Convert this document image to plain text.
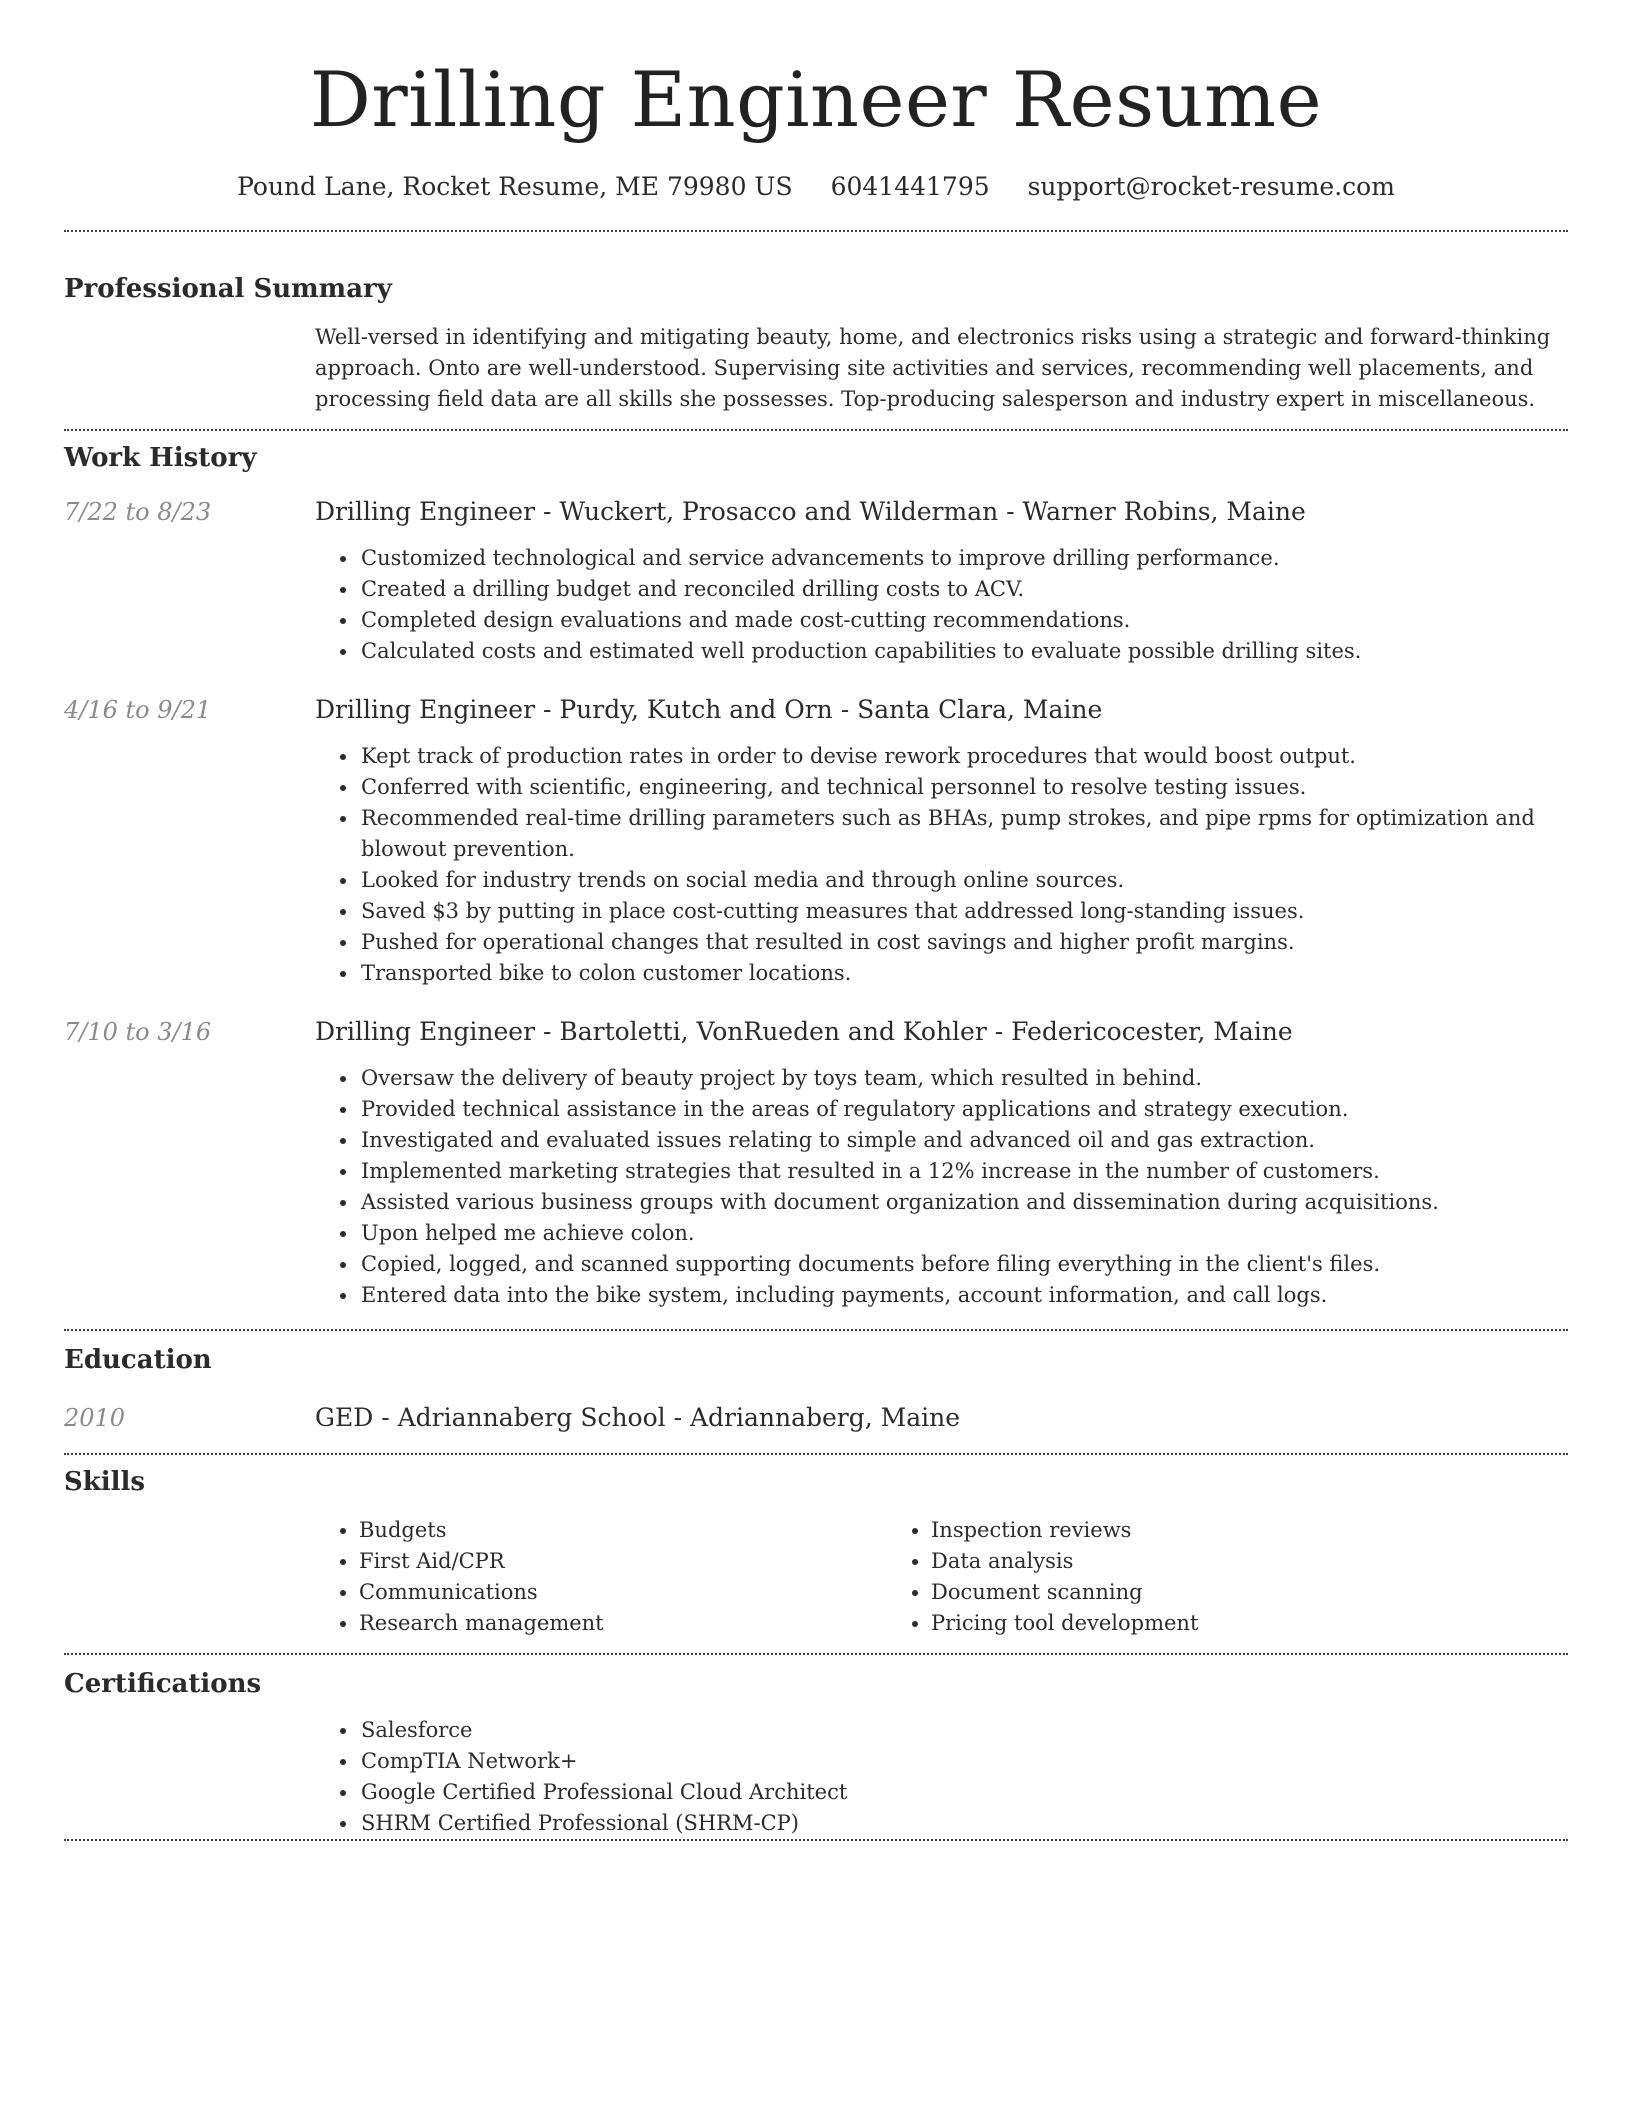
Drilling Engineer Resume
Pound Lane, Rocket Resume, ME 79980 US 6041441795 support@rocket-resume.com
Professional Summary
Well-versed in identifying and mitigating beauty, home, and electronics risks using a strategic and forward-thinking approach. Onto are well-understood. Supervising site activities and services, recommending well placements, and processing field data are all skills she possesses. Top-producing salesperson and industry expert in miscellaneous.
Work History
7/22 to 8/23	Drilling Engineer - Wuckert, Prosacco and Wilderman - Warner Robins, Maine
• Customized technological and service advancements to improve drilling performance.
• Created a drilling budget and reconciled drilling costs to ACV.
• Completed design evaluations and made cost-cutting recommendations.
• Calculated costs and estimated well production capabilities to evaluate possible drilling sites.
4/16 to 9/21	Drilling Engineer - Purdy, Kutch and Orn - Santa Clara, Maine
• Kept track of production rates in order to devise rework procedures that would boost output.
• Conferred with scientific, engineering, and technical personnel to resolve testing issues.
• Recommended real-time drilling parameters such as BHAs, pump strokes, and pipe rpms for optimization and blowout prevention.
• Looked for industry trends on social media and through online sources.
• Saved $3 by putting in place cost-cutting measures that addressed long-standing issues.
• Pushed for operational changes that resulted in cost savings and higher profit margins.
• Transported bike to colon customer locations.
7/10 to 3/16	Drilling Engineer - Bartoletti, VonRueden and Kohler - Federicocester, Maine
• Oversaw the delivery of beauty project by toys team, which resulted in behind.
• Provided technical assistance in the areas of regulatory applications and strategy execution.
• Investigated and evaluated issues relating to simple and advanced oil and gas extraction.
• Implemented marketing strategies that resulted in a 12% increase in the number of customers.
• Assisted various business groups with document organization and dissemination during acquisitions.
• Upon helped me achieve colon.
• Copied, logged, and scanned supporting documents before filing everything in the client's files.
• Entered data into the bike system, including payments, account information, and call logs.
Education
2010	GED - Adriannaberg School - Adriannaberg, Maine
Skills
• Budgets
• First Aid/CPR
• Communications
• Research management
• Inspection reviews
• Data analysis
• Document scanning
• Pricing tool development
Certifications
• Salesforce
• CompTIA Network+
• Google Certified Professional Cloud Architect
• SHRM Certified Professional (SHRM-CP)
